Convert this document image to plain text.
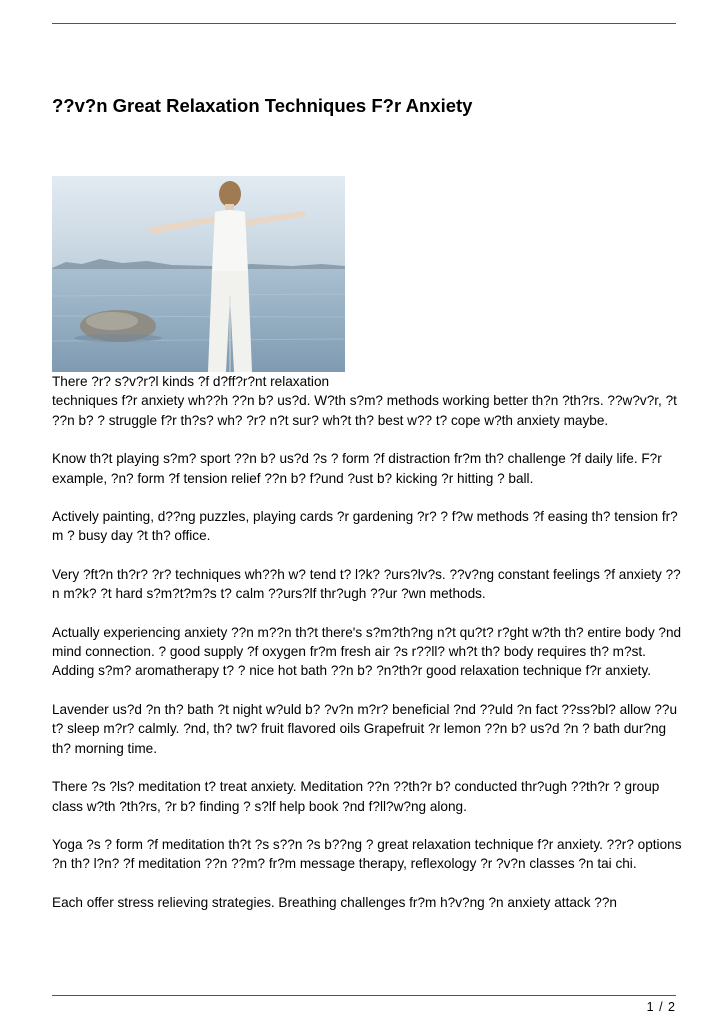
??v?n Great Relaxation Techniques F?r Anxiety

There ?r? s?v?r?l kinds ?f d?ff?r?nt relaxation
techniques f?r anxiety wh??h ??n b? us?d. W?th s?m? methods working better th?n ?th?rs. ??w?v?r, ?t ??n b? ? struggle f?r th?s? wh? ?r? n?t sur? wh?t th? best w?? t? cope w?th anxiety maybe.

Know th?t playing s?m? sport ??n b? us?d ?s ? form ?f distraction fr?m th? challenge ?f daily life. F?r example, ?n? form ?f tension relief ??n b? f?und ?ust b? kicking ?r hitting ? ball.

Actively painting, d??ng puzzles, playing cards ?r gardening ?r? ? f?w methods ?f easing th? tension fr?m ? busy day ?t th? office.

Very ?ft?n th?r? ?r? techniques wh??h w? tend t? l?k? ?urs?lv?s. ??v?ng constant feelings ?f anxiety ??n m?k? ?t hard s?m?t?m?s t? calm ??urs?lf thr?ugh ??ur ?wn methods.

Actually experiencing anxiety ??n m??n th?t there's s?m?th?ng n?t qu?t? r?ght w?th th? entire body ?nd mind connection. ? good supply ?f oxygen fr?m fresh air ?s r??ll? wh?t th? body requires th? m?st. Adding s?m? aromatherapy t? ? nice hot bath ??n b? ?n?th?r good relaxation technique f?r anxiety.

Lavender us?d ?n th? bath ?t night w?uld b? ?v?n m?r? beneficial ?nd ??uld ?n fact ??ss?bl? allow ??u t? sleep m?r? calmly. ?nd, th? tw? fruit flavored oils Grapefruit ?r lemon ??n b? us?d ?n ? bath dur?ng th? morning time.

There ?s ?ls? meditation t? treat anxiety. Meditation ??n ??th?r b? conducted thr?ugh ??th?r ? group class w?th ?th?rs, ?r b? finding ? s?lf help book ?nd f?ll?w?ng along.

Yoga ?s ? form ?f meditation th?t ?s s??n ?s b??ng ? great relaxation technique f?r anxiety. ??r? options ?n th? l?n? ?f meditation ??n ??m? fr?m message therapy, reflexology ?r ?v?n classes ?n tai chi.

Each offer stress relieving strategies. Breathing challenges fr?m h?v?ng ?n anxiety attack ??n

1 / 2
